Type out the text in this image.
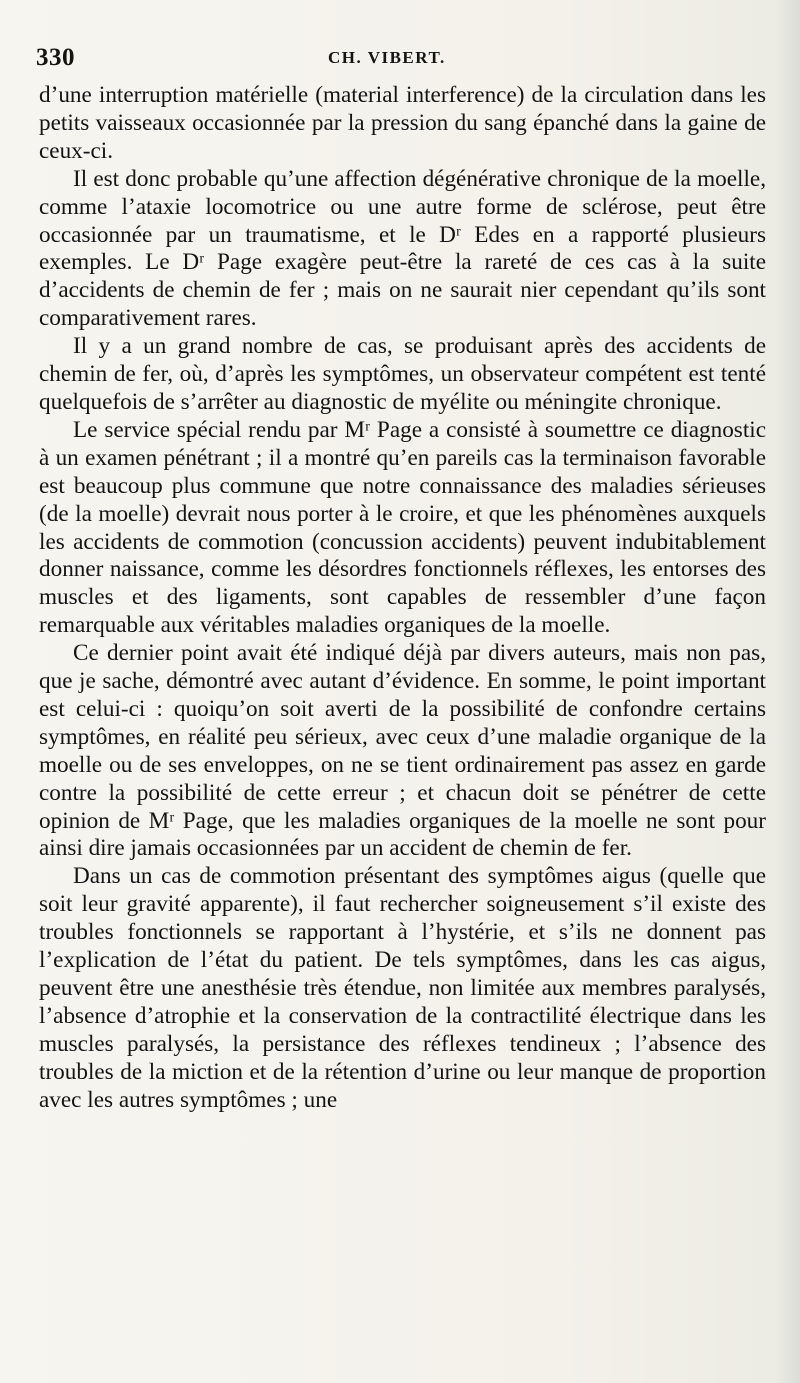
330	CH. VIBERT.

d’une interruption matérielle (material interference) de la circulation dans les petits vaisseaux occasionnée par la pression du sang épanché dans la gaine de ceux-ci.

Il est donc probable qu’une affection dégénérative chronique de la moelle, comme l’ataxie locomotrice ou une autre forme de sclérose, peut être occasionnée par un traumatisme, et le Dʳ Edes en a rapporté plusieurs exemples. Le Dʳ Page exagère peut-être la rareté de ces cas à la suite d’accidents de chemin de fer ; mais on ne saurait nier cependant qu’ils sont comparativement rares.

Il y a un grand nombre de cas, se produisant après des accidents de chemin de fer, où, d’après les symptômes, un observateur compétent est tenté quelquefois de s’arrêter au diagnostic de myélite ou méningite chronique.

Le service spécial rendu par Mʳ Page a consisté à soumettre ce diagnostic à un examen pénétrant ; il a montré qu’en pareils cas la terminaison favorable est beaucoup plus commune que notre connaissance des maladies sérieuses (de la moelle) devrait nous porter à le croire, et que les phénomènes auxquels les accidents de commotion (concussion accidents) peuvent indubitablement donner naissance, comme les désordres fonctionnels réflexes, les entorses des muscles et des ligaments, sont capables de ressembler d’une façon remarquable aux véritables maladies organiques de la moelle.

Ce dernier point avait été indiqué déjà par divers auteurs, mais non pas, que je sache, démontré avec autant d’évidence. En somme, le point important est celui-ci : quoiqu’on soit averti de la possibilité de confondre certains symptômes, en réalité peu sérieux, avec ceux d’une maladie organique de la moelle ou de ses enveloppes, on ne se tient ordinairement pas assez en garde contre la possibilité de cette erreur ; et chacun doit se pénétrer de cette opinion de Mʳ Page, que les maladies organiques de la moelle ne sont pour ainsi dire jamais occasionnées par un accident de chemin de fer.

Dans un cas de commotion présentant des symptômes aigus (quelle que soit leur gravité apparente), il faut rechercher soigneusement s’il existe des troubles fonctionnels se rapportant à l’hystérie, et s’ils ne donnent pas l’explication de l’état du patient. De tels symptômes, dans les cas aigus, peuvent être une anesthésie très étendue, non limitée aux membres paralysés, l’absence d’atrophie et la conservation de la contractilité électrique dans les muscles paralysés, la persistance des réflexes tendineux ; l’absence des troubles de la miction et de la rétention d’urine ou leur manque de proportion avec les autres symptômes ; une
